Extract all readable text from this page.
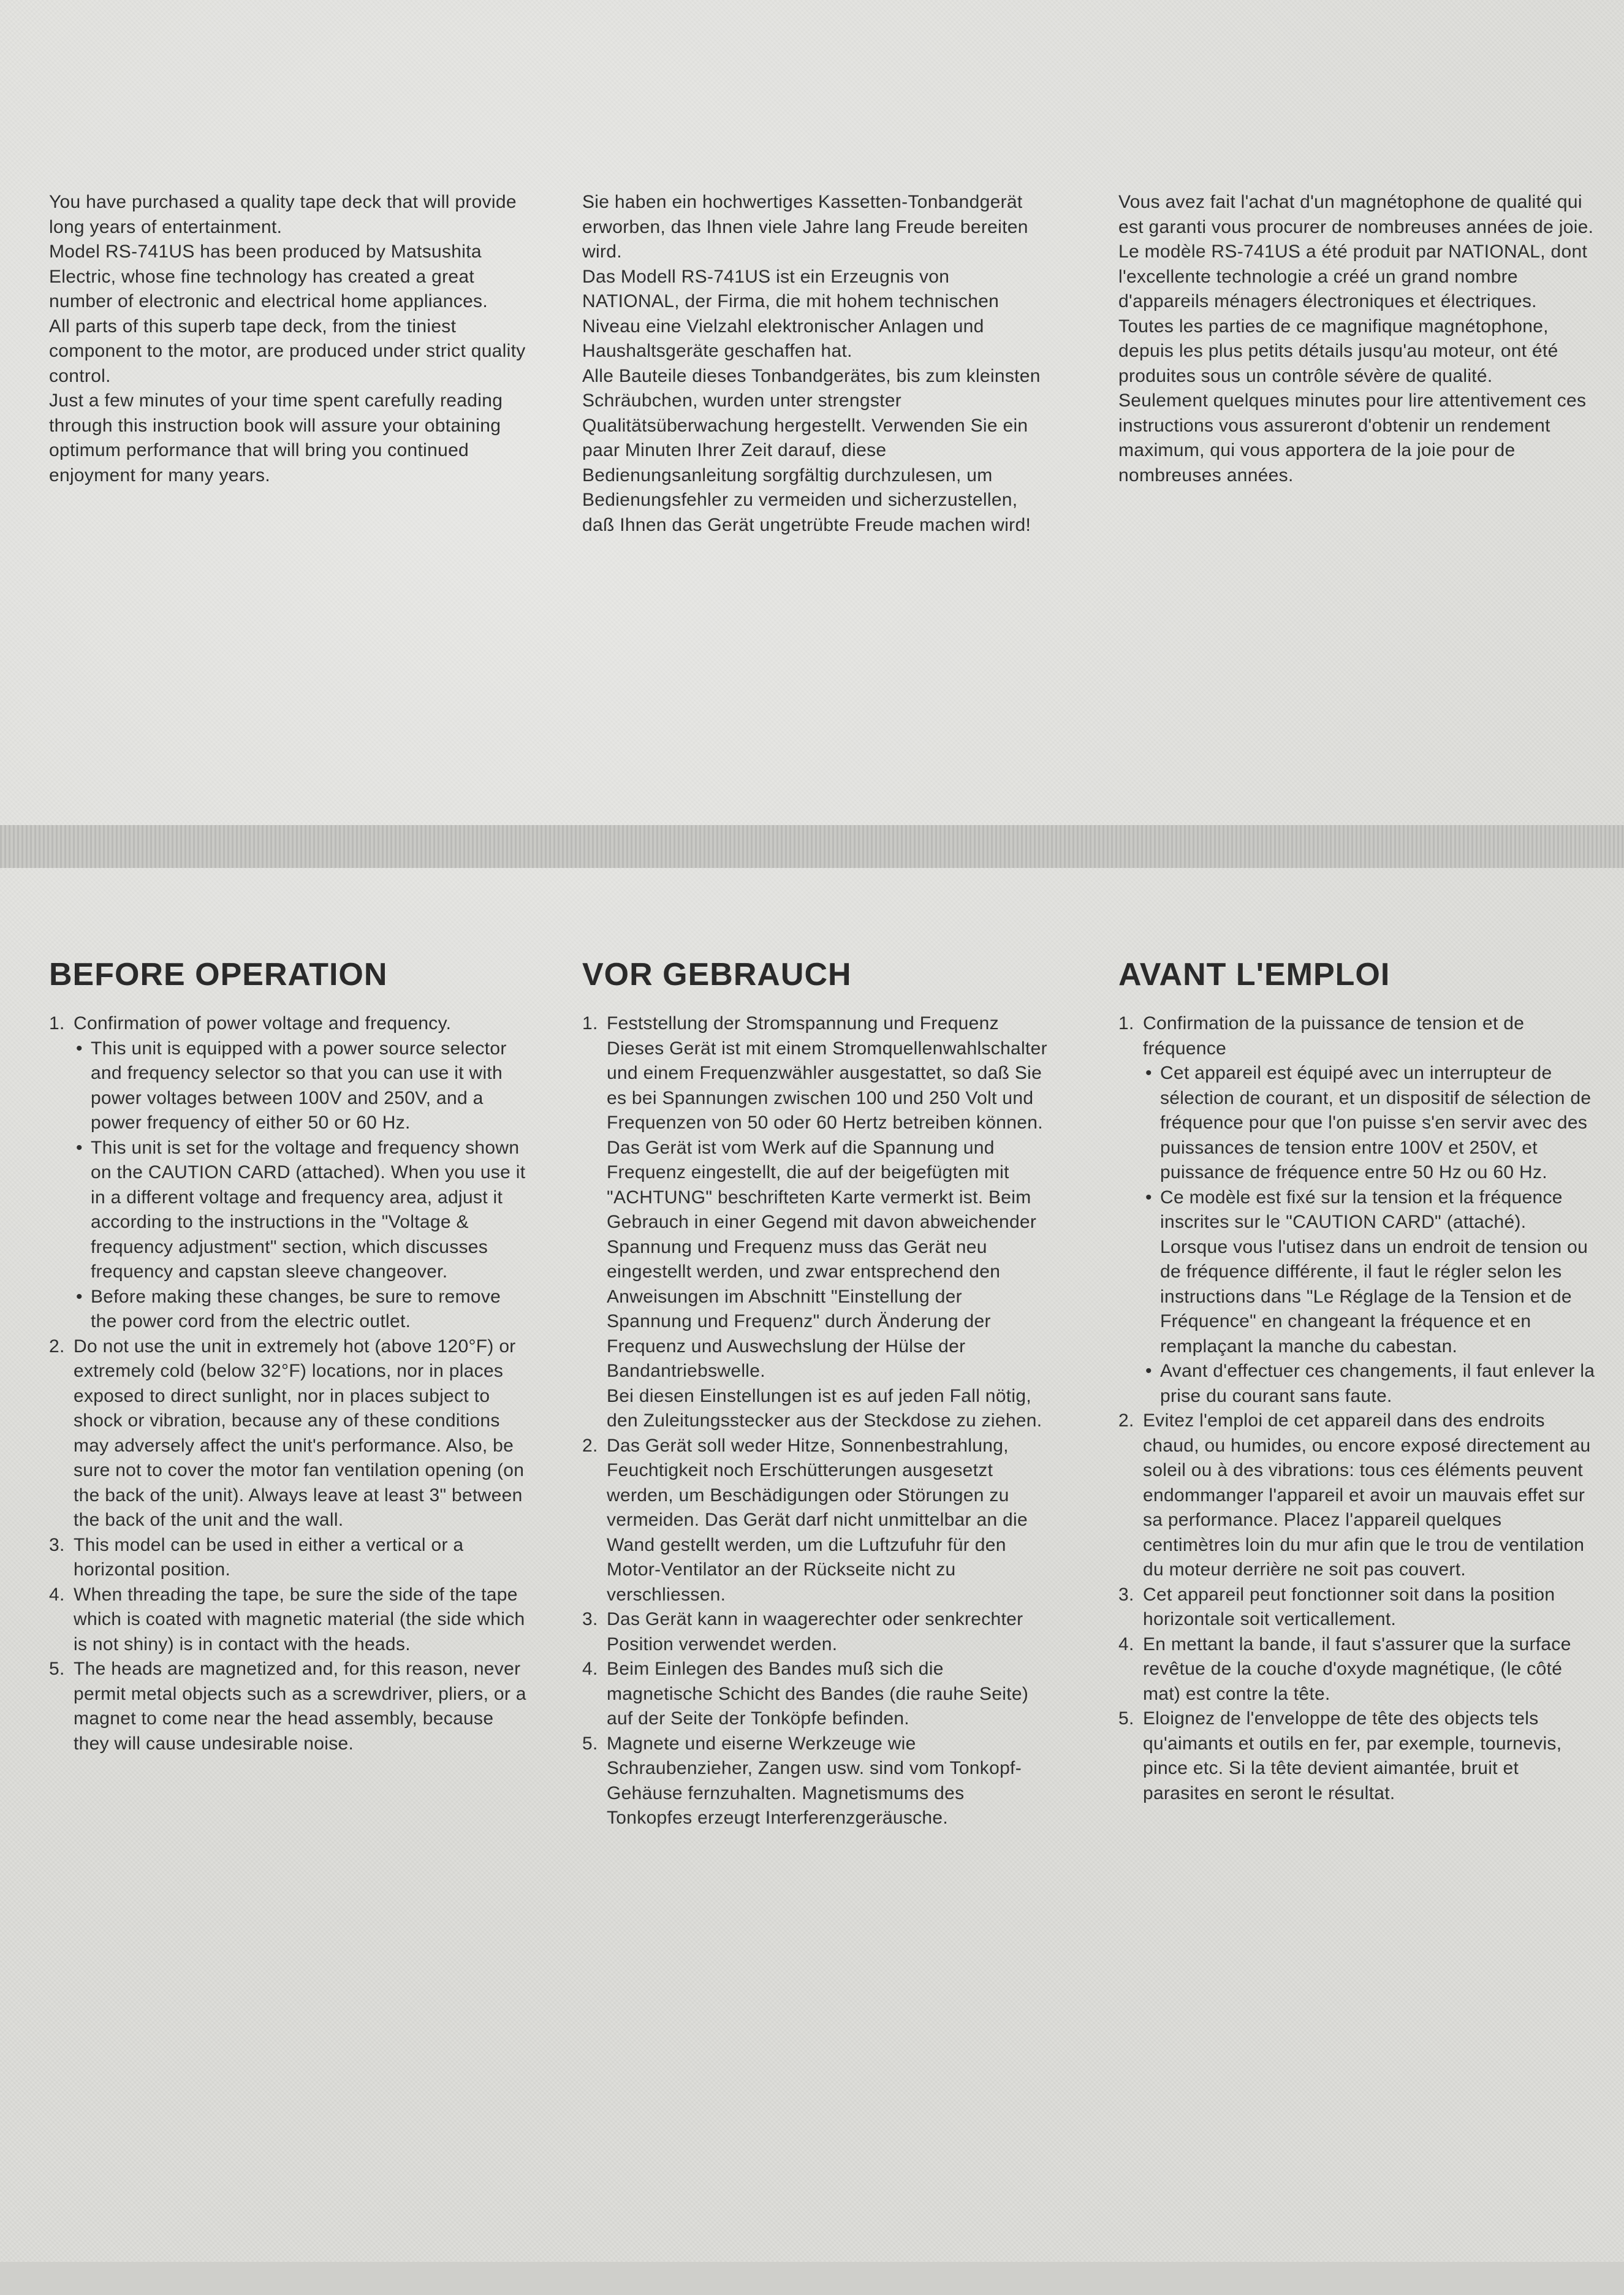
You have purchased a quality tape deck that will provide long years of entertainment.

Model RS-741US has been produced by Matsushita Electric, whose fine technology has created a great number of electronic and electrical home appliances.

All parts of this superb tape deck, from the tiniest component to the motor, are produced under strict quality control.

Just a few minutes of your time spent carefully reading through this instruction book will assure your obtaining optimum performance that will bring you continued enjoyment for many years.

Sie haben ein hochwertiges Kassetten-Tonbandgerät erworben, das Ihnen viele Jahre lang Freude bereiten wird.

Das Modell RS-741US ist ein Erzeugnis von NATIONAL, der Firma, die mit hohem technischen Niveau eine Vielzahl elektronischer Anlagen und Haushaltsgeräte geschaffen hat.

Alle Bauteile dieses Tonbandgerätes, bis zum kleinsten Schräubchen, wurden unter strengster Qualitätsüberwachung hergestellt. Verwenden Sie ein paar Minuten Ihrer Zeit darauf, diese Bedienungsanleitung sorgfältig durchzulesen, um Bedienungsfehler zu vermeiden und sicherzustellen, daß Ihnen das Gerät ungetrübte Freude machen wird!

Vous avez fait l'achat d'un magnétophone de qualité qui est garanti vous procurer de nombreuses années de joie.

Le modèle RS-741US a été produit par NATIONAL, dont l'excellente technologie a créé un grand nombre d'appareils ménagers électroniques et électriques.

Toutes les parties de ce magnifique magnétophone, depuis les plus petits détails jusqu'au moteur, ont été produites sous un contrôle sévère de qualité.

Seulement quelques minutes pour lire attentivement ces instructions vous assureront d'obtenir un rendement maximum, qui vous apportera de la joie pour de nombreuses années.

BEFORE OPERATION
1. Confirmation of power voltage and frequency.
• This unit is equipped with a power source selector and frequency selector so that you can use it with power voltages between 100V and 250V, and a power frequency of either 50 or 60 Hz.
• This unit is set for the voltage and frequency shown on the CAUTION CARD (attached). When you use it in a different voltage and frequency area, adjust it according to the instructions in the "Voltage & frequency adjustment" section, which discusses frequency and capstan sleeve changeover.
• Before making these changes, be sure to remove the power cord from the electric outlet.
2. Do not use the unit in extremely hot (above 120°F) or extremely cold (below 32°F) locations, nor in places exposed to direct sunlight, nor in places subject to shock or vibration, because any of these conditions may adversely affect the unit's performance. Also, be sure not to cover the motor fan ventilation opening (on the back of the unit). Always leave at least 3" between the back of the unit and the wall.
3. This model can be used in either a vertical or a horizontal position.
4. When threading the tape, be sure the side of the tape which is coated with magnetic material (the side which is not shiny) is in contact with the heads.
5. The heads are magnetized and, for this reason, never permit metal objects such as a screwdriver, pliers, or a magnet to come near the head assembly, because they will cause undesirable noise.
VOR GEBRAUCH
1. Feststellung der Stromspannung und Frequenz
Dieses Gerät ist mit einem Stromquellenwahlschalter und einem Frequenzwähler ausgestattet, so daß Sie es bei Spannungen zwischen 100 und 250 Volt und Frequenzen von 50 oder 60 Hertz betreiben können.
Das Gerät ist vom Werk auf die Spannung und Frequenz eingestellt, die auf der beigefügten mit "ACHTUNG" beschrifteten Karte vermerkt ist. Beim Gebrauch in einer Gegend mit davon abweichender Spannung und Frequenz muss das Gerät neu eingestellt werden, und zwar entsprechend den Anweisungen im Abschnitt "Einstellung der Spannung und Frequenz" durch Änderung der Frequenz und Auswechslung der Hülse der Bandantriebswelle.
Bei diesen Einstellungen ist es auf jeden Fall nötig, den Zuleitungsstecker aus der Steckdose zu ziehen.
2. Das Gerät soll weder Hitze, Sonnenbestrahlung, Feuchtigkeit noch Erschütterungen ausgesetzt werden, um Beschädigungen oder Störungen zu vermeiden. Das Gerät darf nicht unmittelbar an die Wand gestellt werden, um die Luftzufuhr für den Motor-Ventilator an der Rückseite nicht zu verschliessen.
3. Das Gerät kann in waagerechter oder senkrechter Position verwendet werden.
4. Beim Einlegen des Bandes muß sich die magnetische Schicht des Bandes (die rauhe Seite) auf der Seite der Tonköpfe befinden.
5. Magnete und eiserne Werkzeuge wie Schraubenzieher, Zangen usw. sind vom Tonkopf-Gehäuse fernzuhalten. Magnetismums des Tonkopfes erzeugt Interferenzgeräusche.
AVANT L'EMPLOI
1. Confirmation de la puissance de tension et de fréquence
• Cet appareil est équipé avec un interrupteur de sélection de courant, et un dispositif de sélection de fréquence pour que l'on puisse s'en servir avec des puissances de tension entre 100V et 250V, et puissance de fréquence entre 50 Hz ou 60 Hz.
• Ce modèle est fixé sur la tension et la fréquence inscrites sur le "CAUTION CARD" (attaché). Lorsque vous l'utisez dans un endroit de tension ou de fréquence différente, il faut le régler selon les instructions dans "Le Réglage de la Tension et de Fréquence" en changeant la fréquence et en remplaçant la manche du cabestan.
• Avant d'effectuer ces changements, il faut enlever la prise du courant sans faute.
2. Evitez l'emploi de cet appareil dans des endroits chaud, ou humides, ou encore exposé directement au soleil ou à des vibrations: tous ces éléments peuvent endommanger l'appareil et avoir un mauvais effet sur sa performance. Placez l'appareil quelques centimètres loin du mur afin que le trou de ventilation du moteur derrière ne soit pas couvert.
3. Cet appareil peut fonctionner soit dans la position horizontale soit verticallement.
4. En mettant la bande, il faut s'assurer que la surface revêtue de la couche d'oxyde magnétique, (le côté mat) est contre la tête.
5. Eloignez de l'enveloppe de tête des objects tels qu'aimants et outils en fer, par exemple, tournevis, pince etc. Si la tête devient aimantée, bruit et parasites en seront le résultat.
